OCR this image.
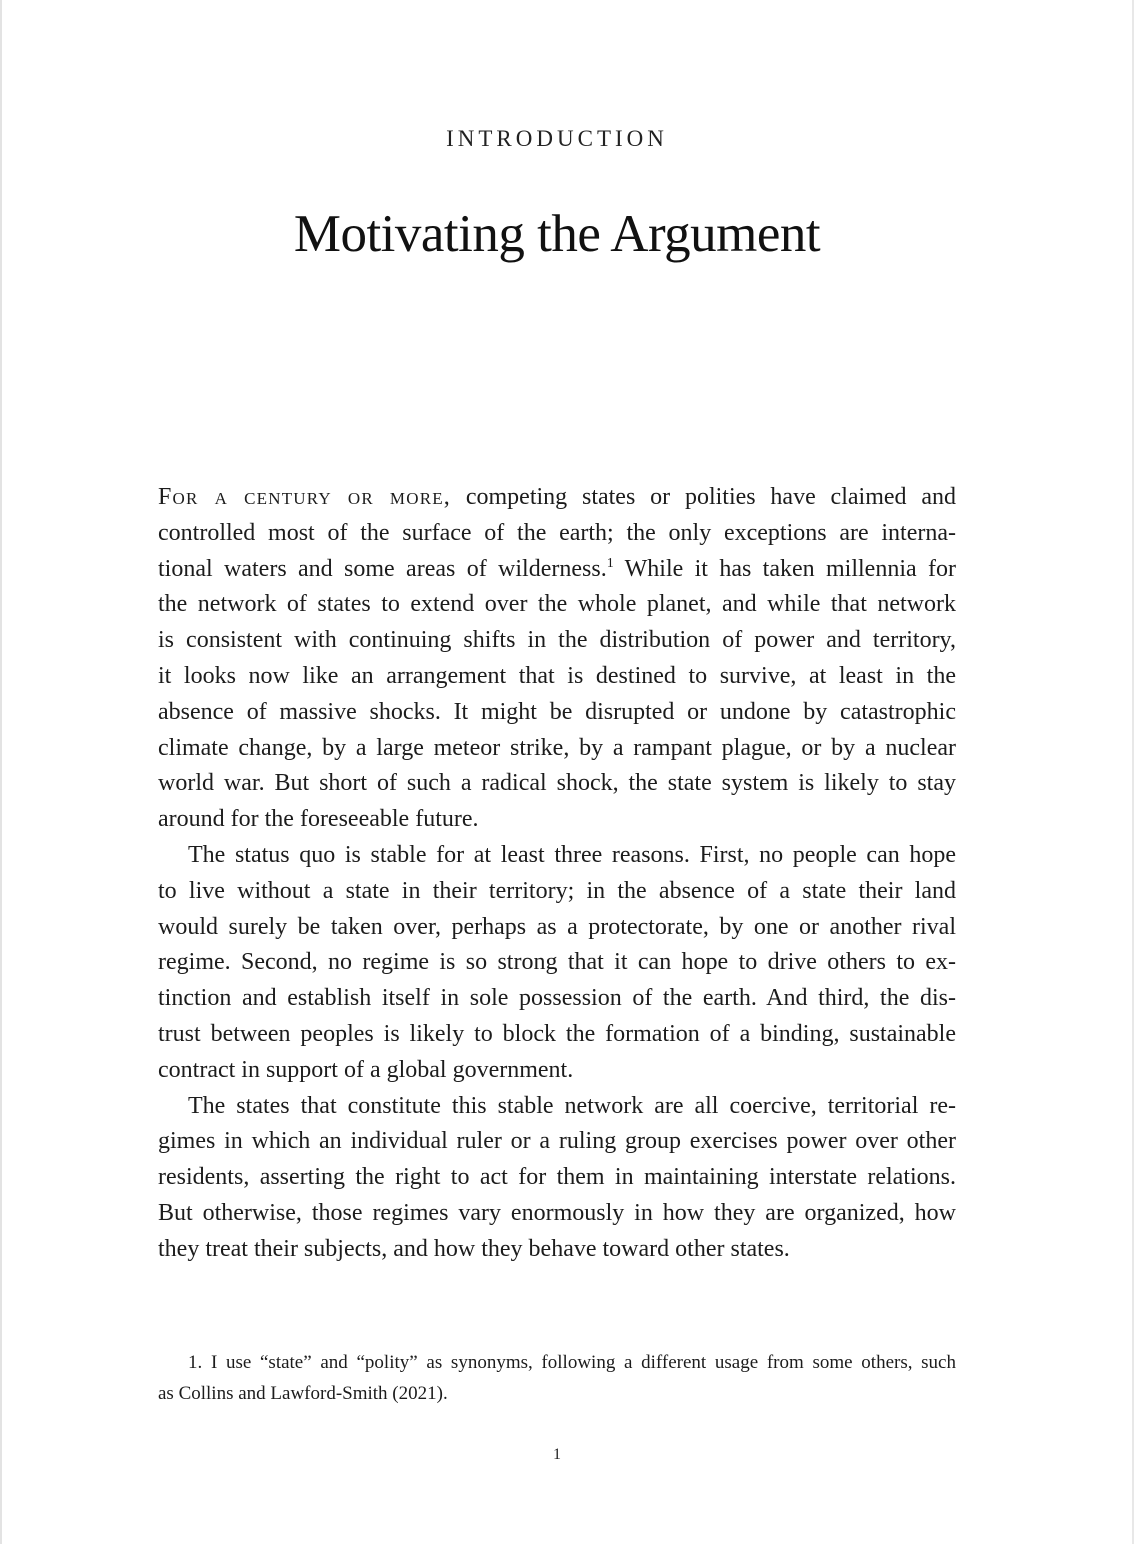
INTRODUCTION
Motivating the Argument
For a century or more, competing states or polities have claimed and
controlled most of the surface of the earth; the only exceptions are interna-
tional waters and some areas of wilderness.$^1$ While it has taken millennia for
the network of states to extend over the whole planet, and while that network
is consistent with continuing shifts in the distribution of power and territory,
it looks now like an arrangement that is destined to survive, at least in the
absence of massive shocks. It might be disrupted or undone by catastrophic
climate change, by a large meteor strike, by a rampant plague, or by a nuclear
world war. But short of such a radical shock, the state system is likely to stay
around for the foreseeable future.
The status quo is stable for at least three reasons. First, no people can hope
to live without a state in their territory; in the absence of a state their land
would surely be taken over, perhaps as a protectorate, by one or another rival
regime. Second, no regime is so strong that it can hope to drive others to ex-
tinction and establish itself in sole possession of the earth. And third, the dis-
trust between peoples is likely to block the formation of a binding, sustainable
contract in support of a global government.
The states that constitute this stable network are all coercive, territorial re-
gimes in which an individual ruler or a ruling group exercises power over other
residents, asserting the right to act for them in maintaining interstate relations.
But otherwise, those regimes vary enormously in how they are organized, how
they treat their subjects, and how they behave toward other states.
1. I use “state” and “polity” as synonyms, following a different usage from some others, such
as Collins and Lawford-Smith (2021).
1
